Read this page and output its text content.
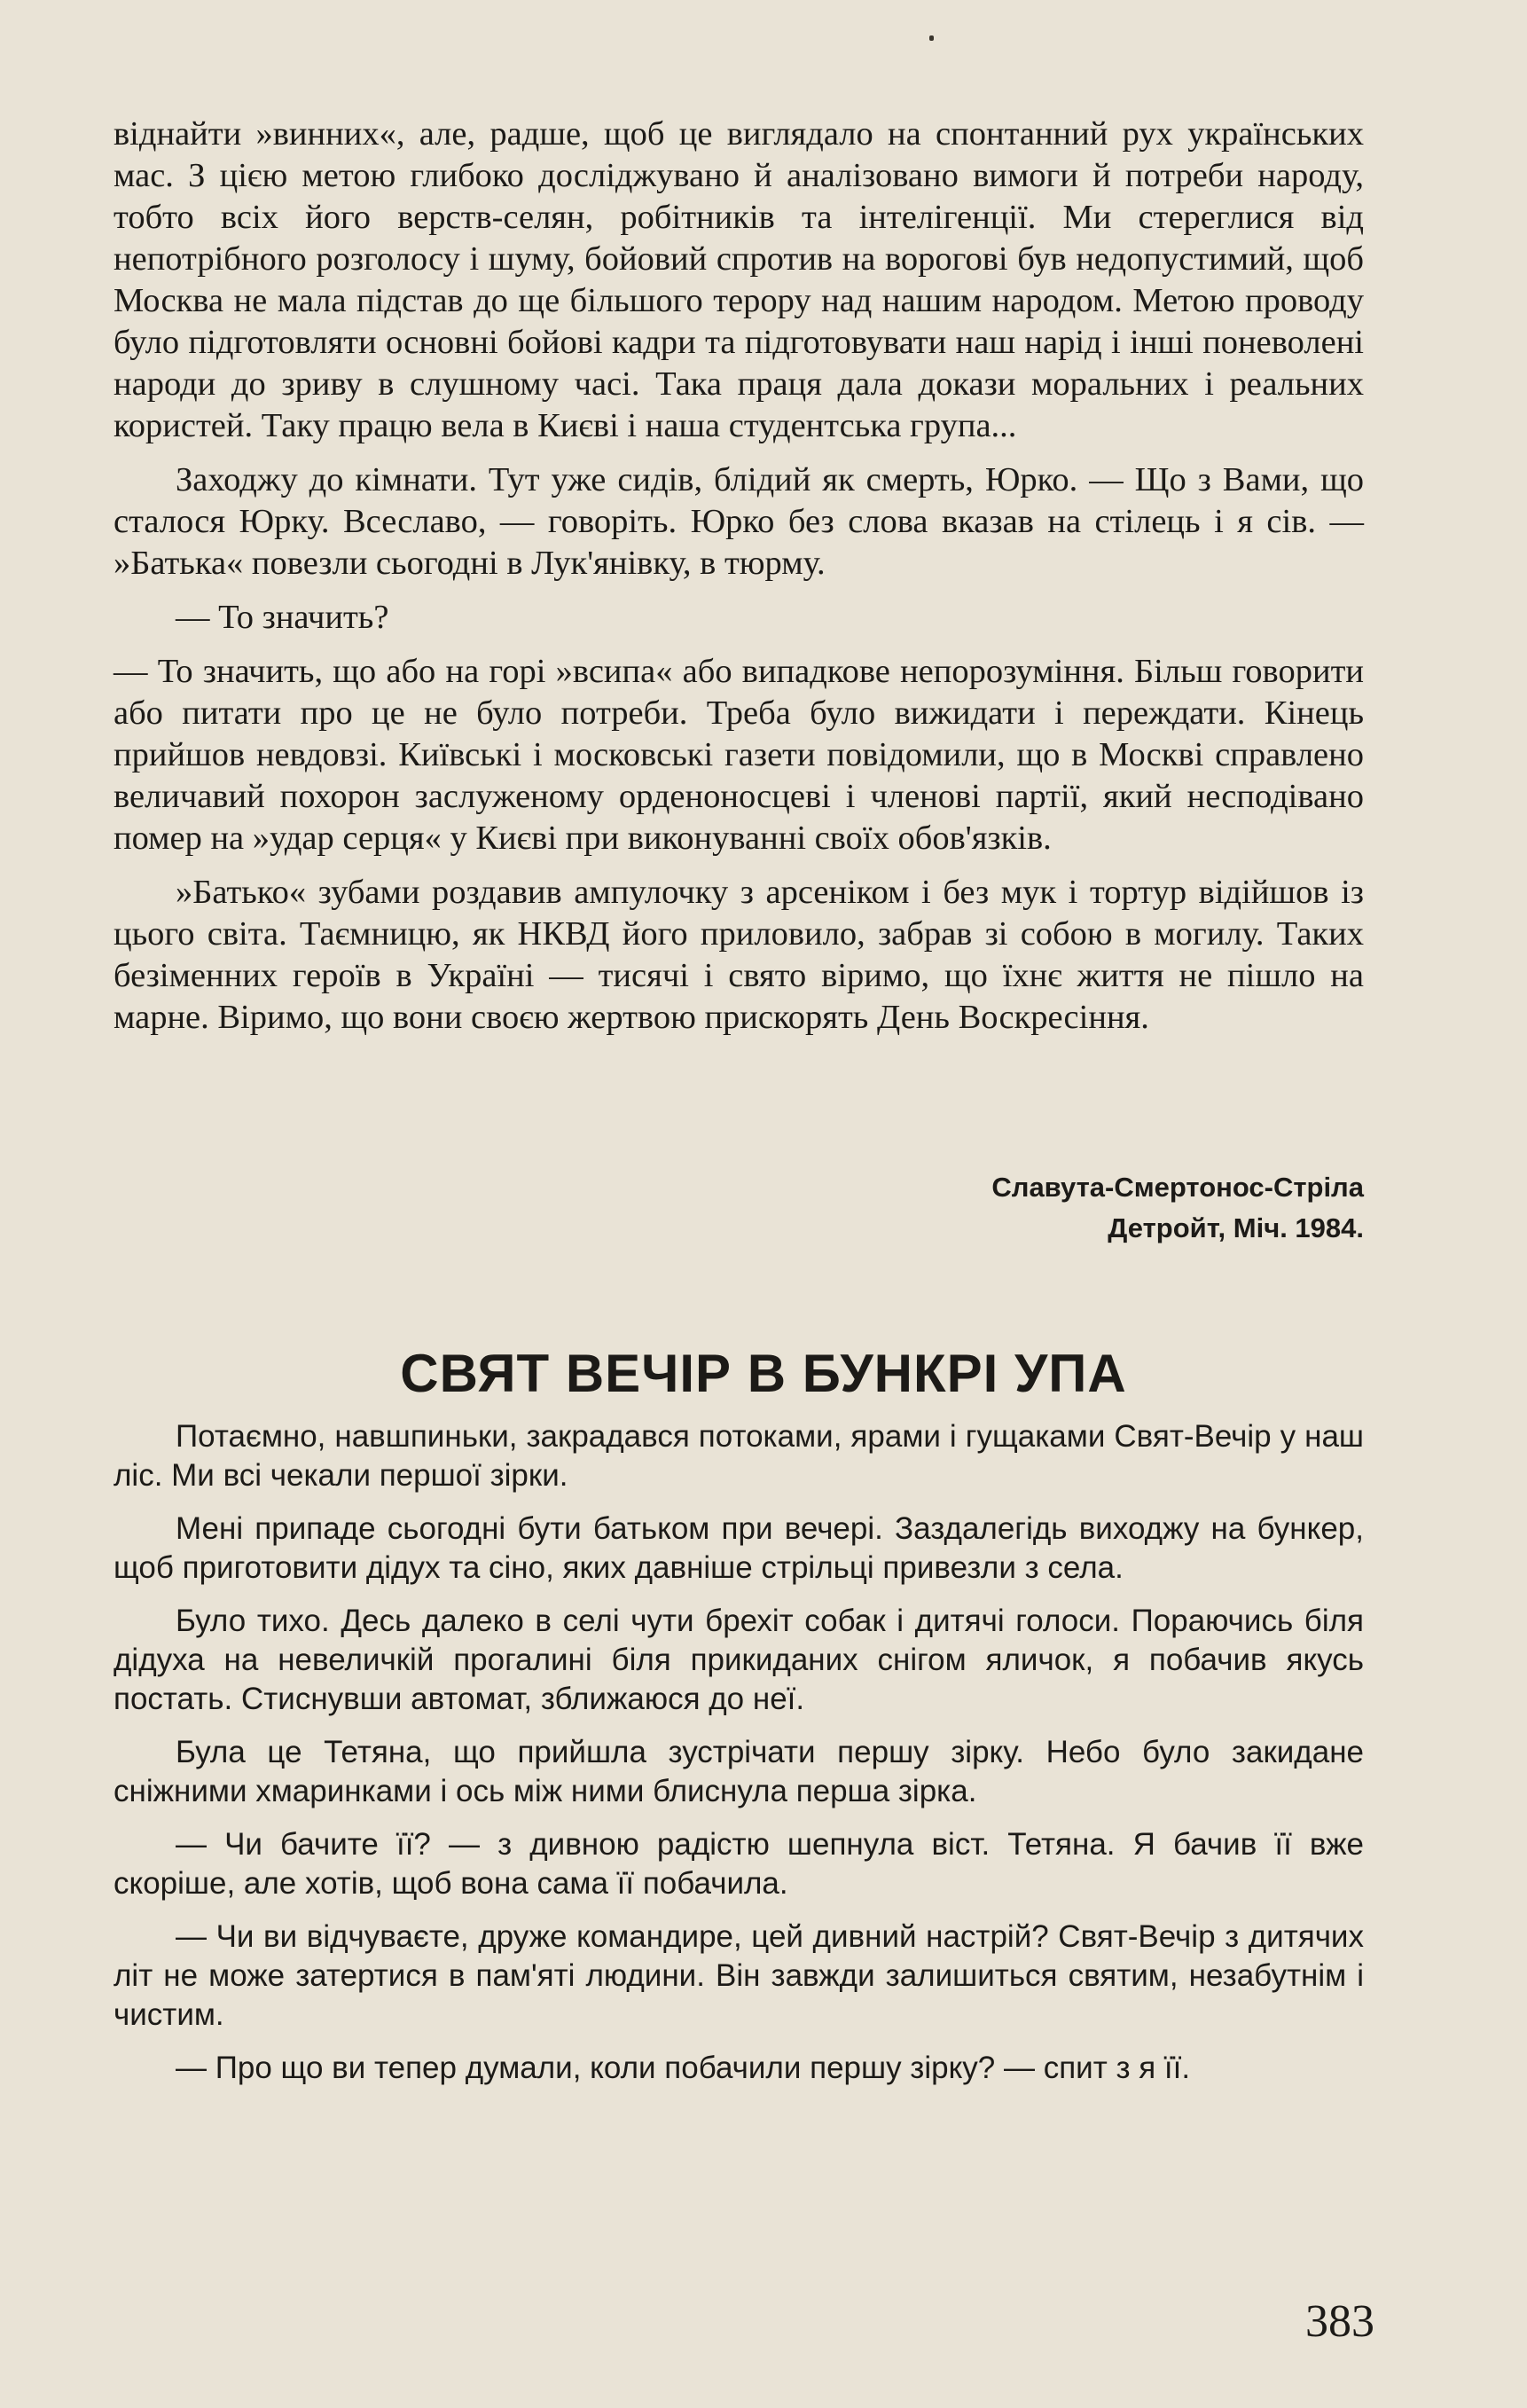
віднайти »винних«, але, радше, щоб це виглядало на спонтанний рух українських мас. З цією метою глибоко досліджувано й аналізовано вимоги й потреби народу, тобто всіх його верств-селян, робітників та інтелігенції. Ми стереглися від непотрібного розголосу і шуму, бойовий спротив на ворогові був недопустимий, щоб Москва не мала підстав до ще більшого терору над нашим народом. Метою проводу було підготовляти основні бойові кадри та підготовувати наш нарід і інші поневолені народи до зриву в слушному часі. Така праця дала докази моральних і реальних користей. Таку працю вела в Києві і наша студентська група...

Заходжу до кімнати. Тут уже сидів, блідий як смерть, Юрко. — Що з Вами, що сталося Юрку. Всеславо, — говоріть. Юрко без слова вказав на стілець і я сів. — »Батька« повезли сьогодні в Лук'янівку, в тюрму.

— То значить?

— То значить, що або на горі »всипа« або випадкове непорозуміння. Більш говорити або питати про це не було потреби. Треба було вижидати і переждати. Кінець прийшов невдовзі. Київські і московські газети повідомили, що в Москві справлено величавий похорон заслуженому орденоносцеві і членові партії, який несподівано помер на »удар серця« у Києві при виконуванні своїх обов'язків.

»Батько« зубами роздавив ампулочку з арсеніком і без мук і тортур відійшов із цього світа. Таємницю, як НКВД його приловило, забрав зі собою в могилу. Таких безіменних героїв в Україні — тисячі і свято віримо, що їхнє життя не пішло на марне. Віримо, що вони своєю жертвою прискорять День Воскресіння.

Славута-Смертонос-Стріла
Детройт, Міч. 1984.
СВЯТ ВЕЧІР В БУНКРІ УПА

Потаємно, навшпиньки, закрадався потоками, ярами і гущаками Свят-Вечір у наш ліс. Ми всі чекали першої зірки.

Мені припаде сьогодні бути батьком при вечері. Заздалегідь виходжу на бункер, щоб приготовити дідух та сіно, яких давніше стрільці привезли з села.

Було тихо. Десь далеко в селі чути брехіт собак і дитячі голоси. Пораючись біля дідуха на невеличкій прогалині біля прикиданих снігом яличок, я побачив якусь постать. Стиснувши автомат, зближаюся до неї.

Була це Тетяна, що прийшла зустрічати першу зірку. Небо було закидане сніжними хмаринками і ось між ними блиснула перша зірка.

— Чи бачите її? — з дивною радістю шепнула віст. Тетяна. Я бачив її вже скоріше, але хотів, щоб вона сама її побачила.

— Чи ви відчуваєте, друже командире, цей дивний настрій? Свят-Вечір з дитячих літ не може затертися в пам'яті людини. Він завжди залишиться святим, незабутнім і чистим.

— Про що ви тепер думали, коли побачили першу зірку? — спит з я її.

383
